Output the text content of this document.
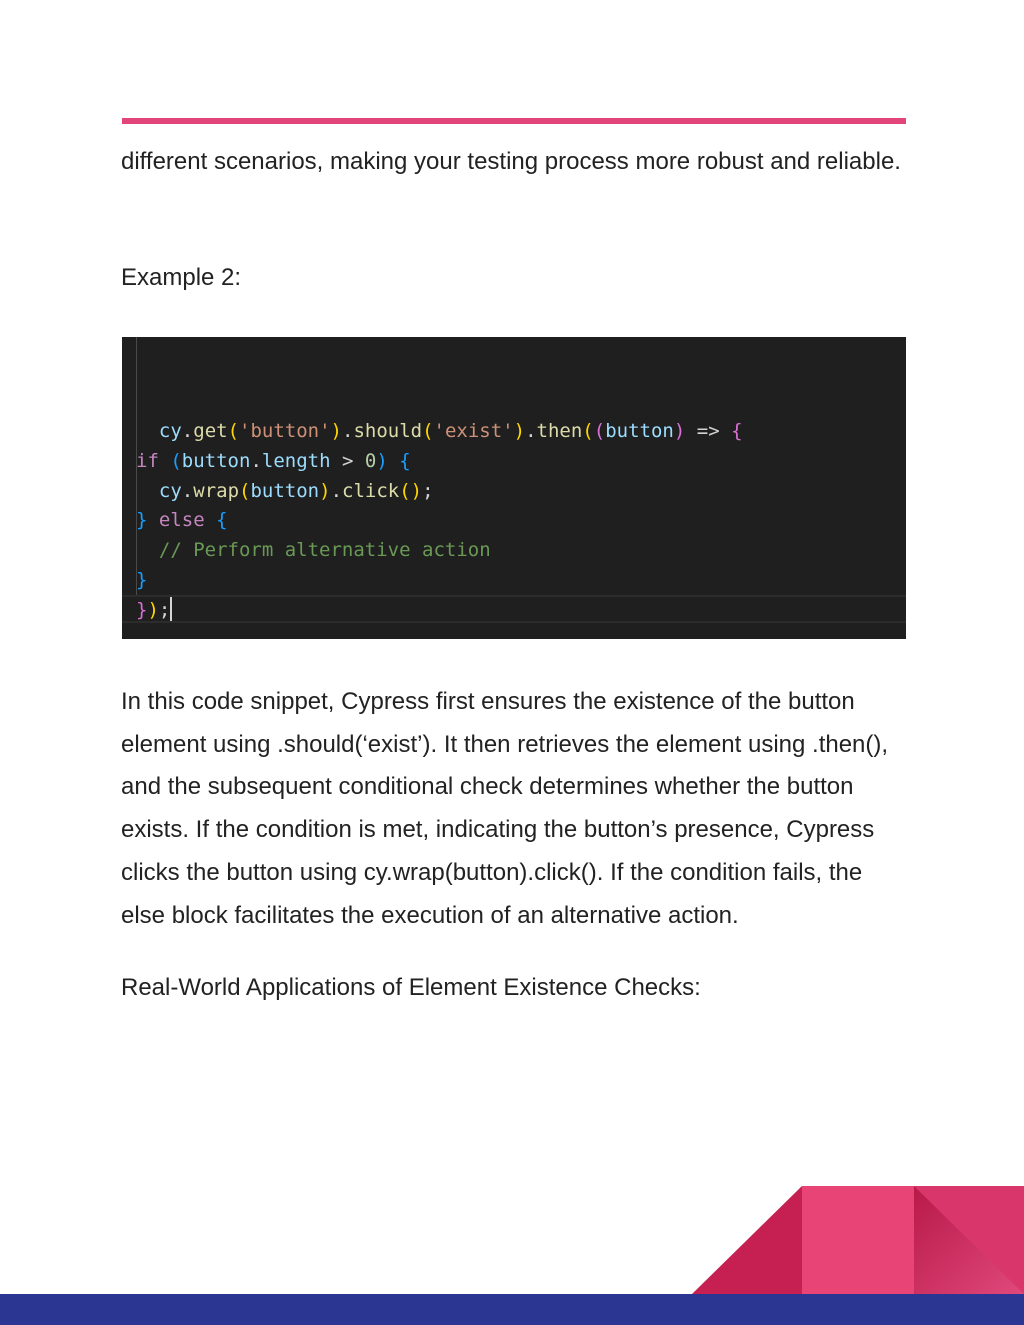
different scenarios, making your testing process more robust and reliable.

Example 2:

cy.get('button').should('exist').then((button) => {
if (button.length > 0) {
cy.wrap(button).click();
} else {
// Perform alternative action
}
});

In this code snippet, Cypress first ensures the existence of the button element using .should(‘exist’). It then retrieves the element using .then(), and the subsequent conditional check determines whether the button exists. If the condition is met, indicating the button’s presence, Cypress clicks the button using cy.wrap(button).click(). If the condition fails, the else block facilitates the execution of an alternative action.

Real-World Applications of Element Existence Checks:
